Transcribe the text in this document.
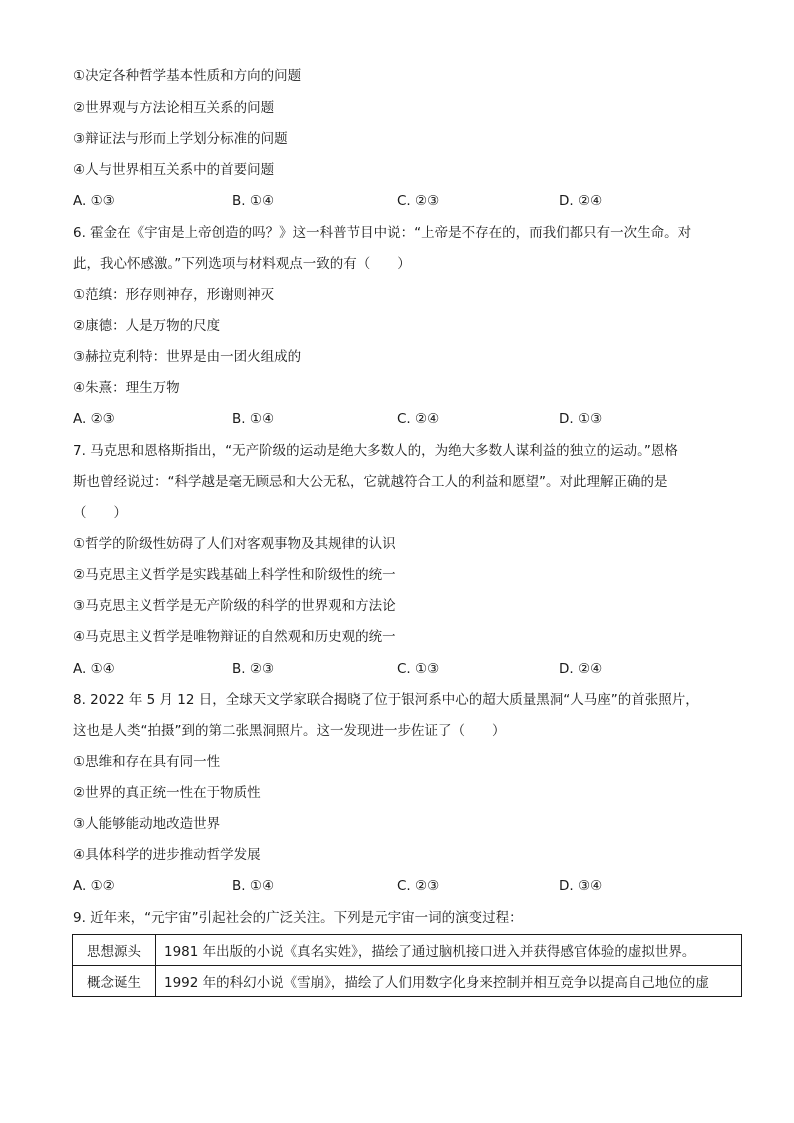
①决定各种哲学基本性质和方向的问题
②世界观与方法论相互关系的问题
③辩证法与形而上学划分标准的问题
④人与世界相互关系中的首要问题
A. ①③	B. ①④	C. ②③	D. ②④
6. 霍金在《宇宙是上帝创造的吗？》这一科普节目中说：“上帝是不存在的，而我们都只有一次生命。对
此，我心怀感激。”下列选项与材料观点一致的有（　　）
①范缜：形存则神存，形谢则神灭
②康德：人是万物的尺度
③赫拉克利特：世界是由一团火组成的
④朱熹：理生万物
A. ②③	B. ①④	C. ②④	D. ①③
7. 马克思和恩格斯指出，“无产阶级的运动是绝大多数人的，为绝大多数人谋利益的独立的运动。”恩格
斯也曾经说过：“科学越是毫无顾忌和大公无私，它就越符合工人的利益和愿望”。对此理解正确的是
（　　）
①哲学的阶级性妨碍了人们对客观事物及其规律的认识
②马克思主义哲学是实践基础上科学性和阶级性的统一
③马克思主义哲学是无产阶级的科学的世界观和方法论
④马克思主义哲学是唯物辩证的自然观和历史观的统一
A. ①④	B. ②③	C. ①③	D. ②④
8. 2022 年 5 月 12 日，全球天文学家联合揭晓了位于银河系中心的超大质量黑洞“人马座”的首张照片，
这也是人类“拍摄”到的第二张黑洞照片。这一发现进一步佐证了（　　）
①思维和存在具有同一性
②世界的真正统一性在于物质性
③人能够能动地改造世界
④具体科学的进步推动哲学发展
A. ①②	B. ①④	C. ②③	D. ③④
9. 近年来，“元宇宙”引起社会的广泛关注。下列是元宇宙一词的演变过程：
思想源头	1981 年出版的小说《真名实姓》，描绘了通过脑机接口进入并获得感官体验的虚拟世界。
概念诞生	1992 年的科幻小说《雪崩》，描绘了人们用数字化身来控制并相互竞争以提高自己地位的虚
